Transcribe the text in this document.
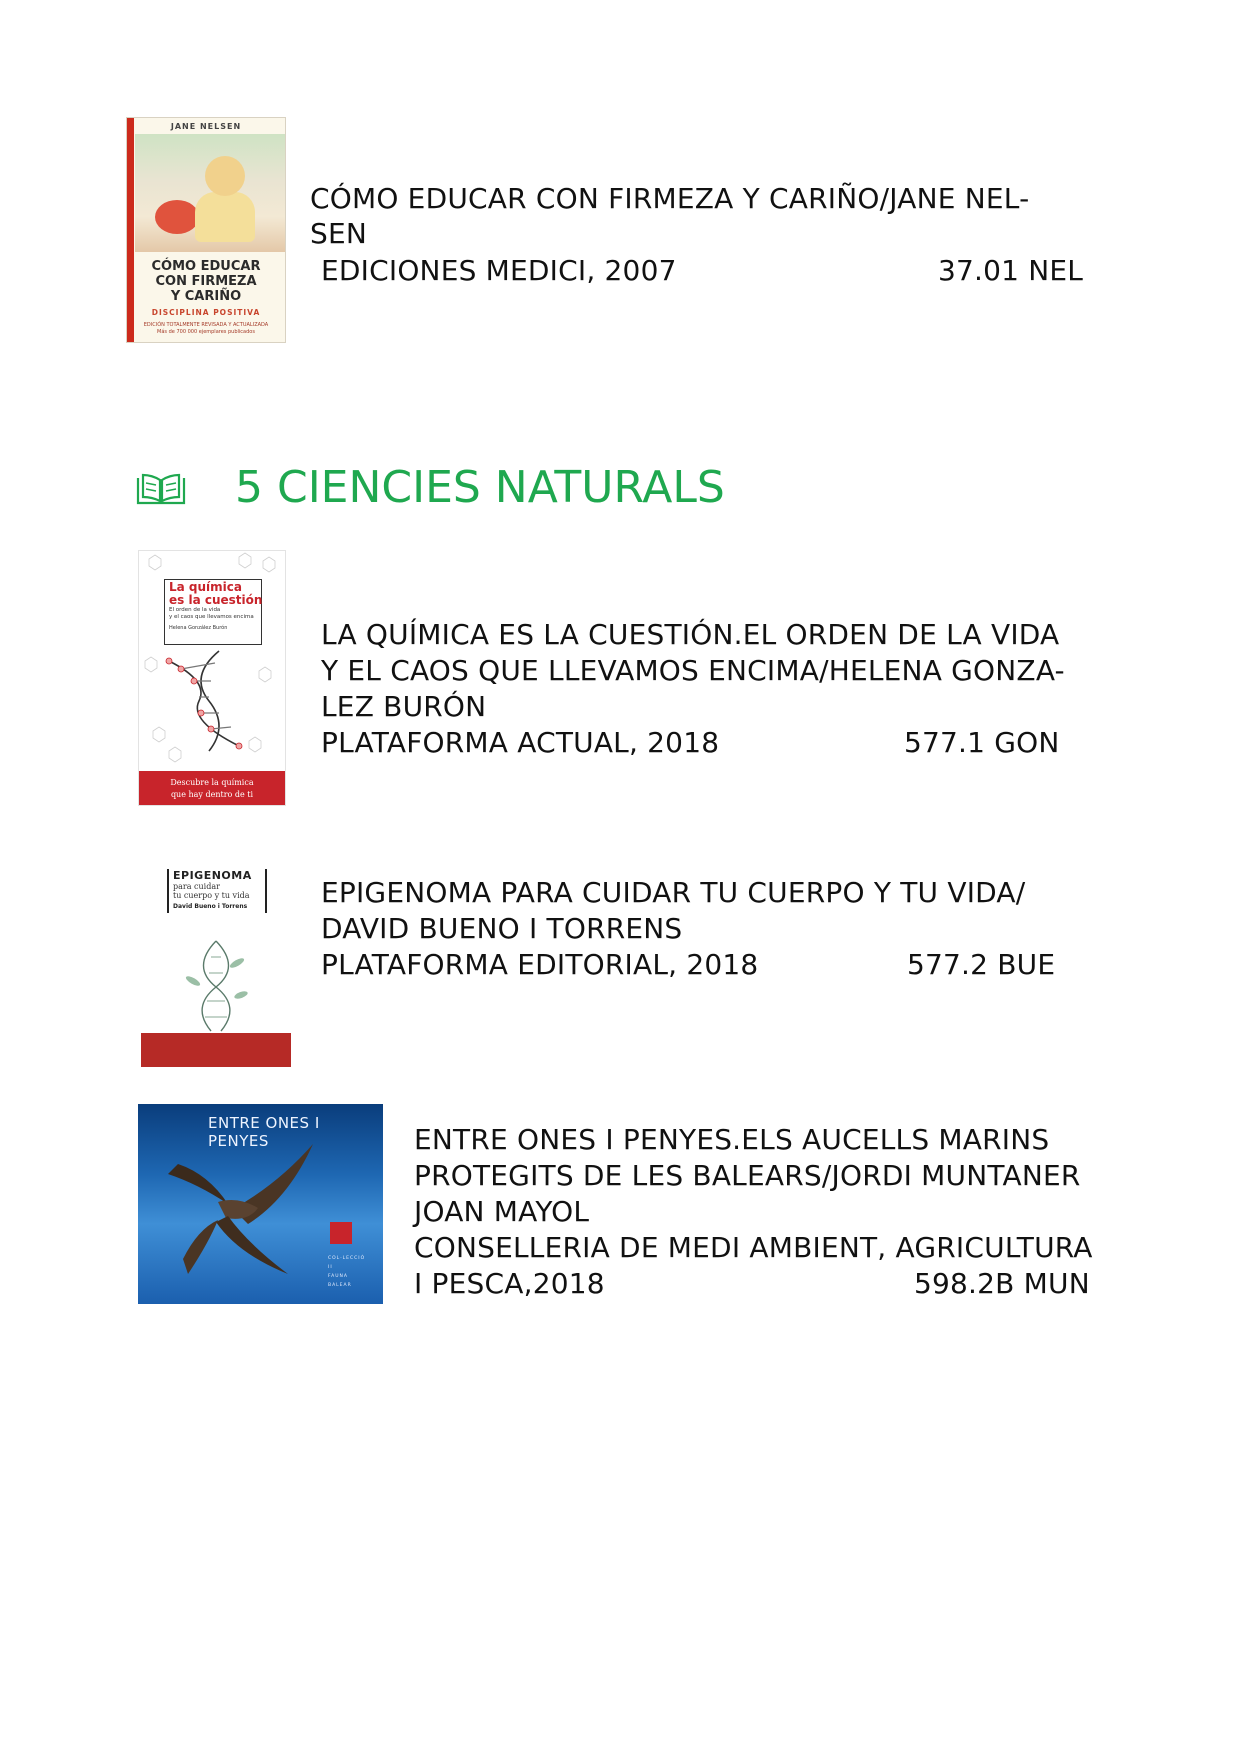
JANE NELSEN
CÓMO EDUCAR
CON FIRMEZA
Y CARIÑO
DISCIPLINA POSITIVA
EDICIÓN TOTALMENTE REVISADA Y ACTUALIZADA
Más de 700 000 ejemplares publicados
CÓMO EDUCAR CON FIRMEZA Y CARIÑO/JANE NEL-
SEN
EDICIONES MEDICI, 2007	37.01 NEL
5 CIENCIES NATURALS
La química
es la cuestión
El orden de la vida
y el caos que llevamos encima
Helena González Burón
Descubre la química
que hay dentro de ti
LA QUÍMICA ES LA CUESTIÓN.EL ORDEN DE LA VIDA
Y EL CAOS QUE LLEVAMOS ENCIMA/HELENA GONZA-
LEZ BURÓN
PLATAFORMA ACTUAL, 2018	577.1 GON
EPIGENOMA
para cuidar
tu cuerpo y tu vida
David Bueno i Torrens	EPIGENOMA PARA CUIDAR TU CUERPO Y TU VIDA/
DAVID BUENO I TORRENS
PLATAFORMA EDITORIAL, 2018	577.2 BUE
ENTRE ONES I PENYES
COL·LECCIÓ
II
FAUNA
BALEAR
ENTRE ONES I PENYES.ELS AUCELLS MARINS
PROTEGITS DE LES BALEARS/JORDI MUNTANER
JOAN MAYOL
CONSELLERIA DE MEDI AMBIENT, AGRICULTURA
I PESCA,2018	598.2B MUN
